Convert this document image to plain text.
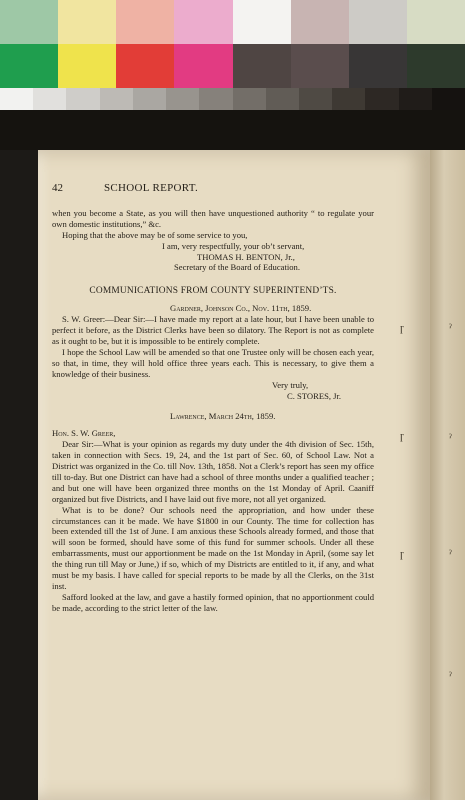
ɼ	ˀ
ɼ	ˀ
ɼ	ˀ
ˀ
42	SCHOOL REPORT.

when you become a State, as you will then have unquestioned authority “ to regulate your own domestic institutions,” &c.

Hoping that the above may be of some service to you,

I am, very respectfully, your ob’t servant,

THOMAS H. BENTON, Jr.,

Secretary of the Board of Education.

COMMUNICATIONS FROM COUNTY SUPERINTEND’TS.

Gardner, Johnson Co., Nov. 11th, 1859.

S. W. Greer:—Dear Sir:—I have made my report at a late hour, but I have been unable to perfect it before, as the District Clerks have been so dilatory. The Report is not as complete as it ought to be, but it is impossible to be entirely complete.

I hope the School Law will be amended so that one Trustee only will be chosen each year, so that, in time, they will hold office three years each. This is necessary, to give them a knowledge of their business.

Very truly,

C. STORES, Jr.

Lawrence, March 24th, 1859.

Hon. S. W. Greer,

Dear Sir:—What is your opinion as regards my duty under the 4th division of Sec. 15th, taken in connection with Secs. 19, 24, and the 1st part of Sec. 60, of School Law. Not a District was organized in the Co. till Nov. 13th, 1858. Not a Clerk’s report has seen my office till to-day. But one District can have had a school of three months under a qualified teacher ; and but one will have been organized three months on the 1st Monday of April. Caaniff organized but five Districts, and I have laid out five more, not all yet organized.

What is to be done? Our schools need the appropriation, and how under these circumstances can it be made. We have $1800 in our County. The time for collection has been extended till the 1st of June. I am anxious these Schools already formed, and those that will soon be formed, should have some of this fund for summer schools. Under all these embarrassments, must our apportionment be made on the 1st Monday in April, (some say let the thing run till May or June,) if so, which of my Districts are entitled to it, if any, and what must be my basis. I have called for special reports to be made by all the Clerks, on the 31st inst.

Safford looked at the law, and gave a hastily formed opinion, that no apportionment could be made, according to the strict letter of the law.
